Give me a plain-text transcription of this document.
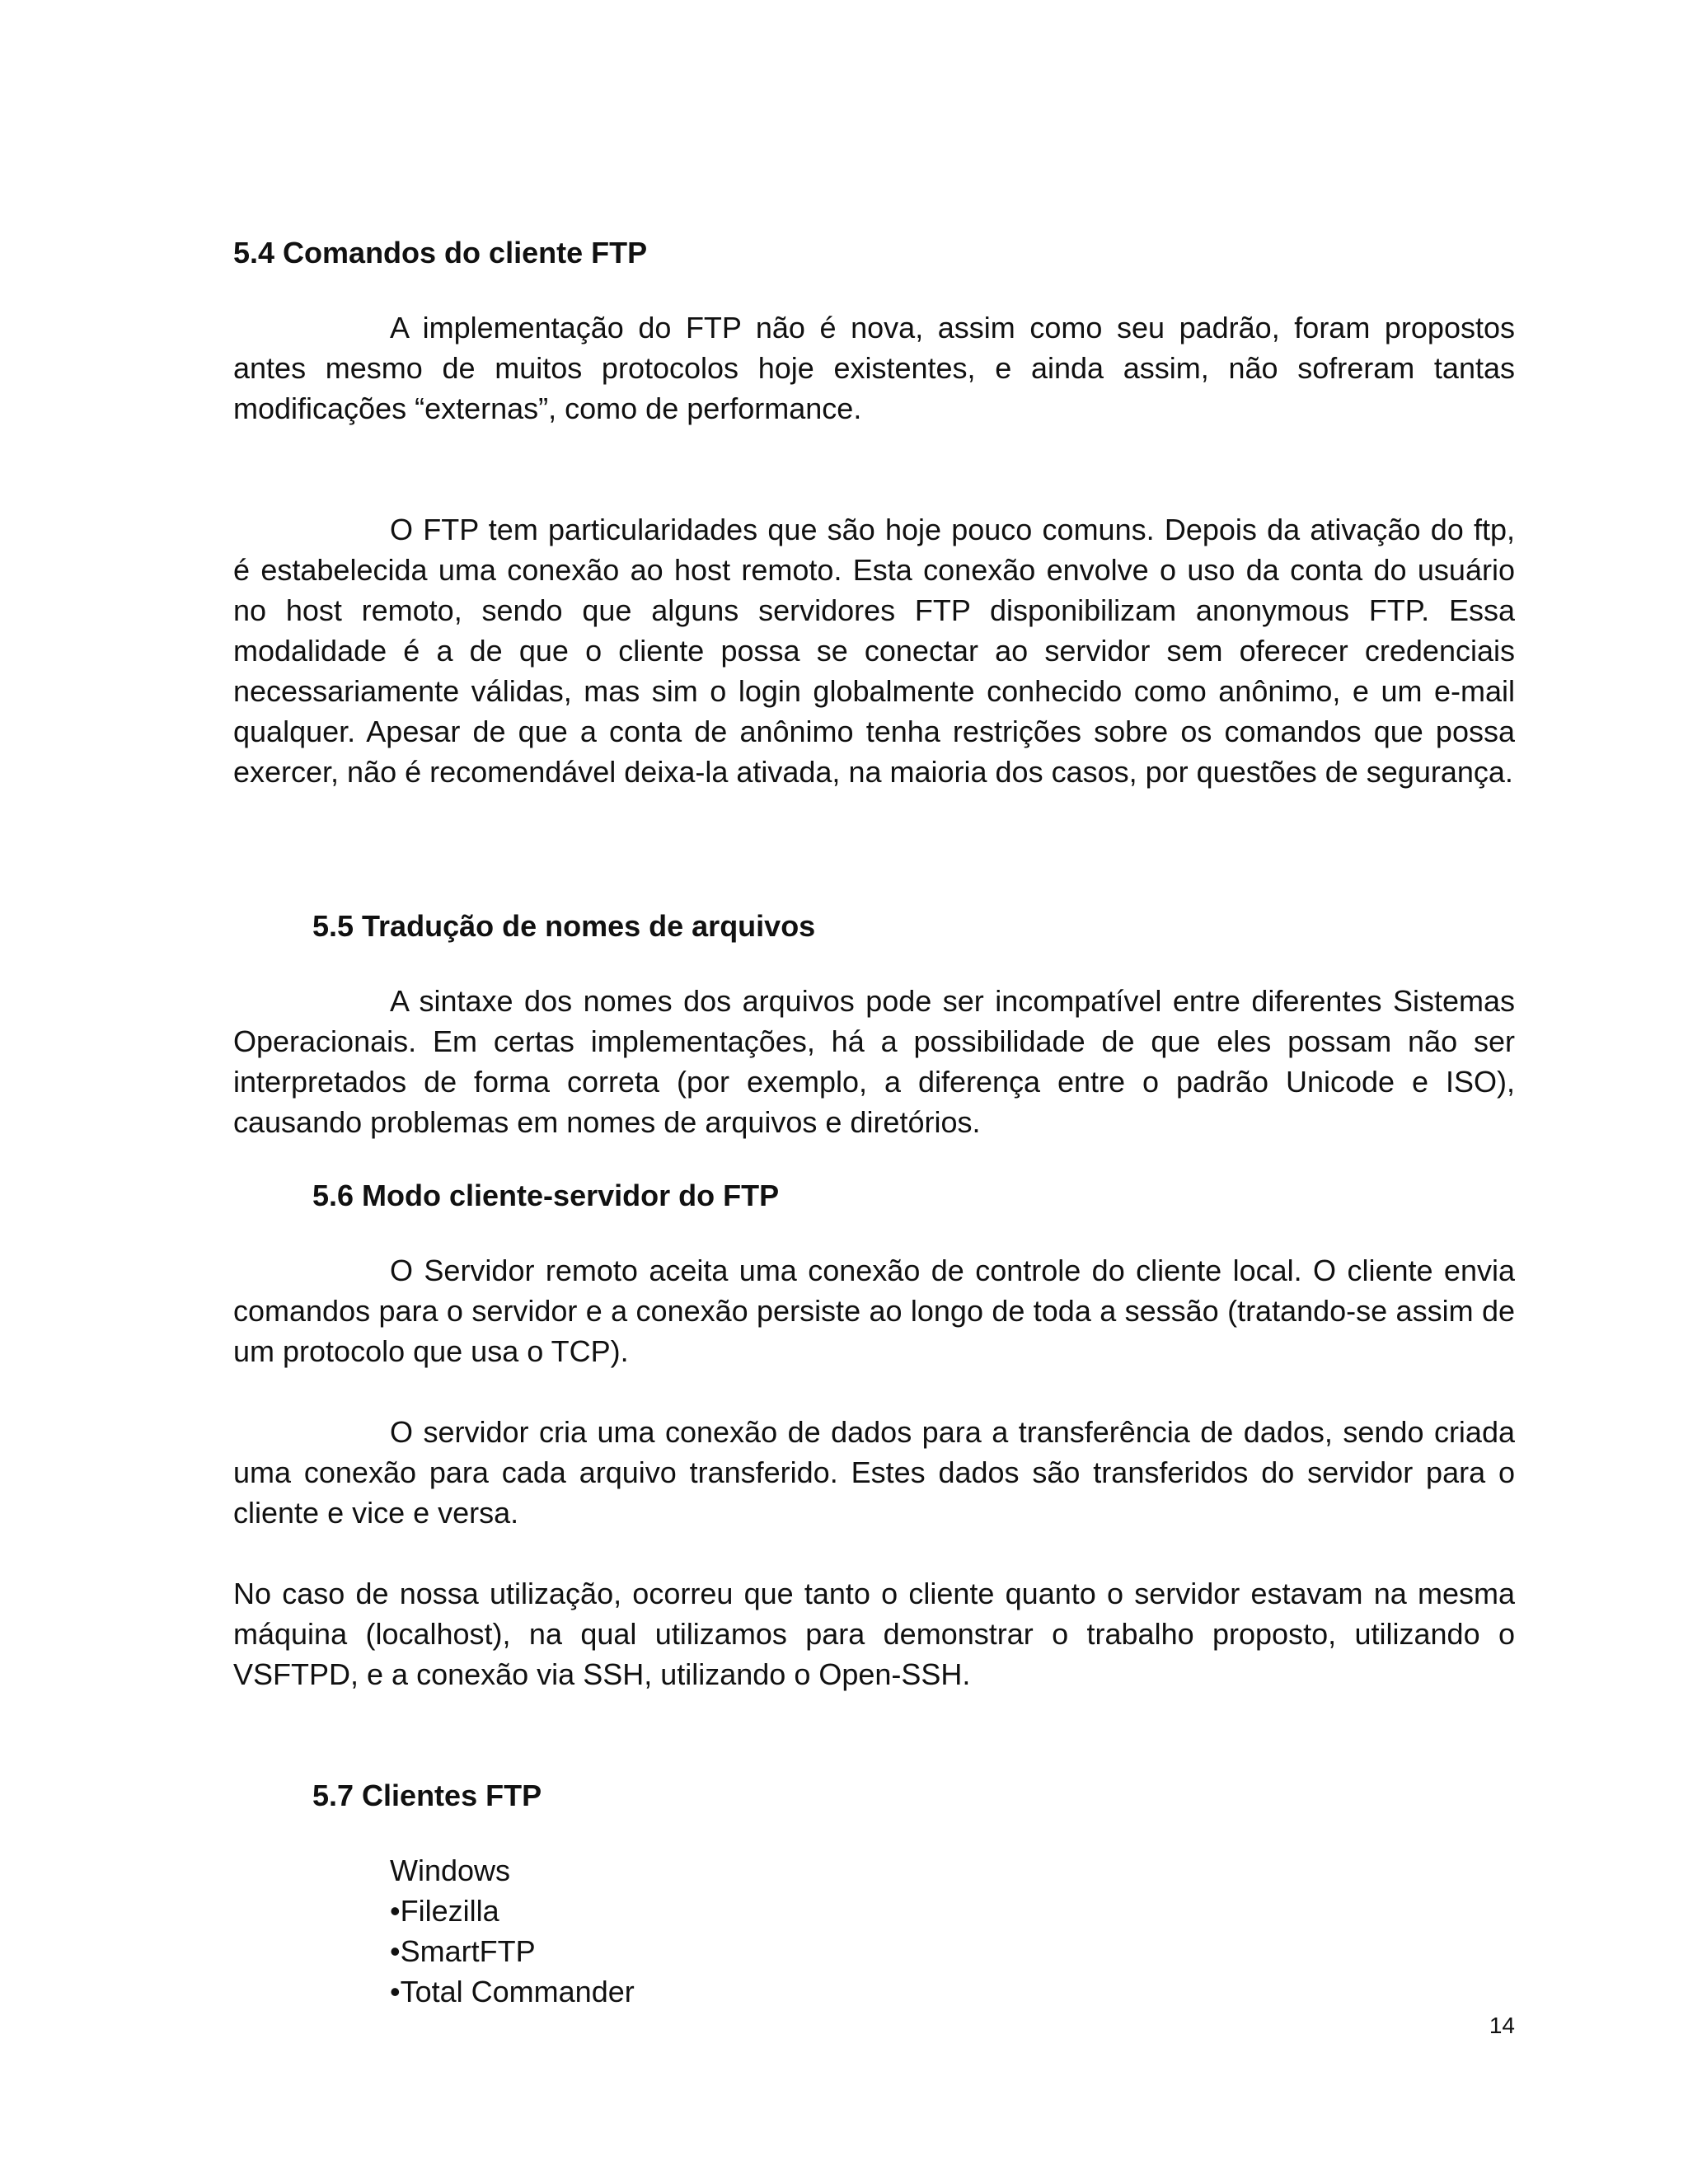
5.4 Comandos do cliente FTP

A implementação do FTP não é nova, assim como seu padrão, foram propostos antes mesmo de muitos protocolos hoje existentes, e ainda assim, não sofreram tantas modificações “externas”, como de performance.

O FTP tem particularidades que são hoje pouco comuns. Depois da ativação do ftp, é estabelecida uma conexão ao host remoto. Esta conexão envolve o uso da conta do usuário no host remoto, sendo que alguns servidores FTP disponibilizam anonymous FTP. Essa modalidade é a de que o cliente possa se conectar ao servidor sem oferecer credenciais necessariamente válidas, mas sim o login globalmente conhecido como anônimo, e um e-mail qualquer. Apesar de que a conta de anônimo tenha restrições sobre os comandos que possa exercer, não é recomendável deixa-la ativada, na maioria dos casos, por questões de segurança.

5.5 Tradução de nomes de arquivos

A sintaxe dos nomes dos arquivos pode ser incompatível entre diferentes Sistemas Operacionais. Em certas implementações, há a possibilidade de que eles possam não ser interpretados de forma correta (por exemplo, a diferença entre o padrão Unicode e ISO), causando problemas em nomes de arquivos e diretórios.

5.6 Modo cliente-servidor do FTP

O Servidor remoto aceita uma conexão de controle do cliente local. O cliente envia comandos para o servidor e a conexão persiste ao longo de toda a sessão (tratando-se assim de um protocolo que usa o TCP).

O servidor cria uma conexão de dados para a transferência de dados, sendo criada uma conexão para cada arquivo transferido. Estes dados são transferidos do servidor para o cliente e vice e versa.

No caso de nossa utilização, ocorreu que tanto o cliente quanto o servidor estavam na mesma máquina (localhost), na qual utilizamos para demonstrar o trabalho proposto, utilizando o VSFTPD, e a conexão via SSH, utilizando o Open-SSH.

5.7 Clientes FTP
Windows
•Filezilla
•SmartFTP
•Total Commander
14
